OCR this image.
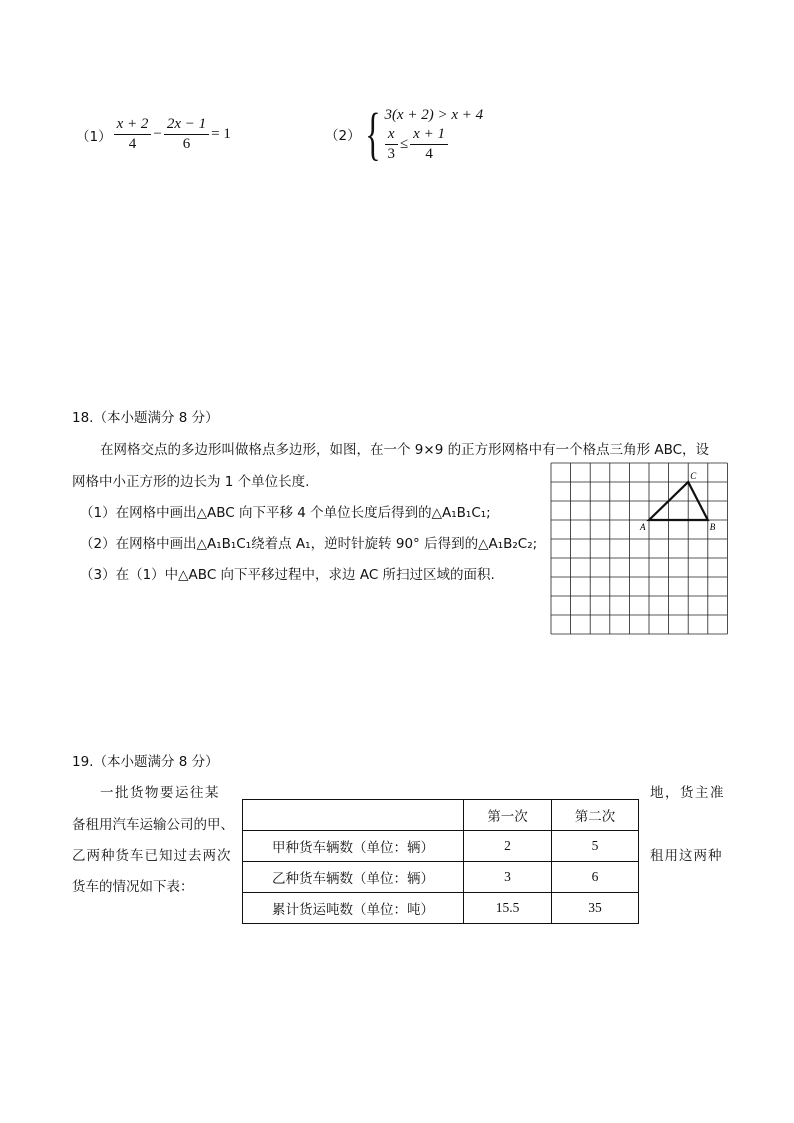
$(1) \frac{x + 2}{4} - \frac{2x - 1}{6} = 1$	（2） { 3(x + 2) > x + 4
$\frac{x}{3} \le \frac{x + 1}{4}$
18.（本小题满分 8 分）
在网格交点的多边形叫做格点多边形，如图，在一个 9×9 的正方形网格中有一个格点三角形 ABC，设
网格中小正方形的边长为 1 个单位长度.
（1）在网格中画出△ABC 向下平移 4 个单位长度后得到的△A₁B₁C₁;
（2）在网格中画出△A₁B₁C₁绕着点 A₁，逆时针旋转 90° 后得到的△A₁B₂C₂;
（3）在（1）中△ABC 向下平移过程中，求边 AC 所扫过区域的面积.
A	B
C
19.（本小题满分 8 分）
一批货物要运往某	地，货主准
备租用汽车运输公司的甲、
乙两种货车已知过去两次	租用这两种
货车的情况如下表：
	第一次	第二次
甲种货车辆数（单位：辆）	2	5
乙种货车辆数（单位：辆）	3	6
累计货运吨数（单位：吨）	15.5	35
